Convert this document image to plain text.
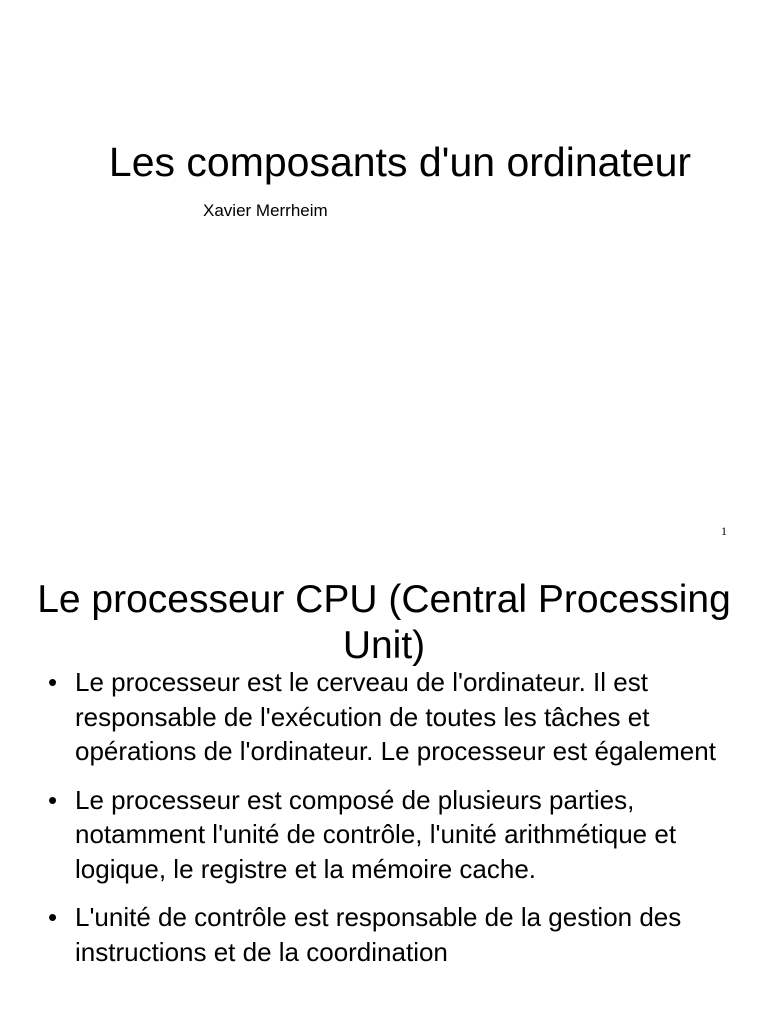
Les composants d'un ordinateur

Xavier Merrheim

1
Le processeur CPU (Central Processing Unit)
• Le processeur est le cerveau de l'ordinateur. Il est responsable de l'exécution de toutes les tâches et opérations de l'ordinateur. Le processeur est également
• Le processeur est composé de plusieurs parties, notamment l'unité de contrôle, l'unité arithmétique et logique, le registre et la mémoire cache.
• L'unité de contrôle est responsable de la gestion des instructions et de la coordination
